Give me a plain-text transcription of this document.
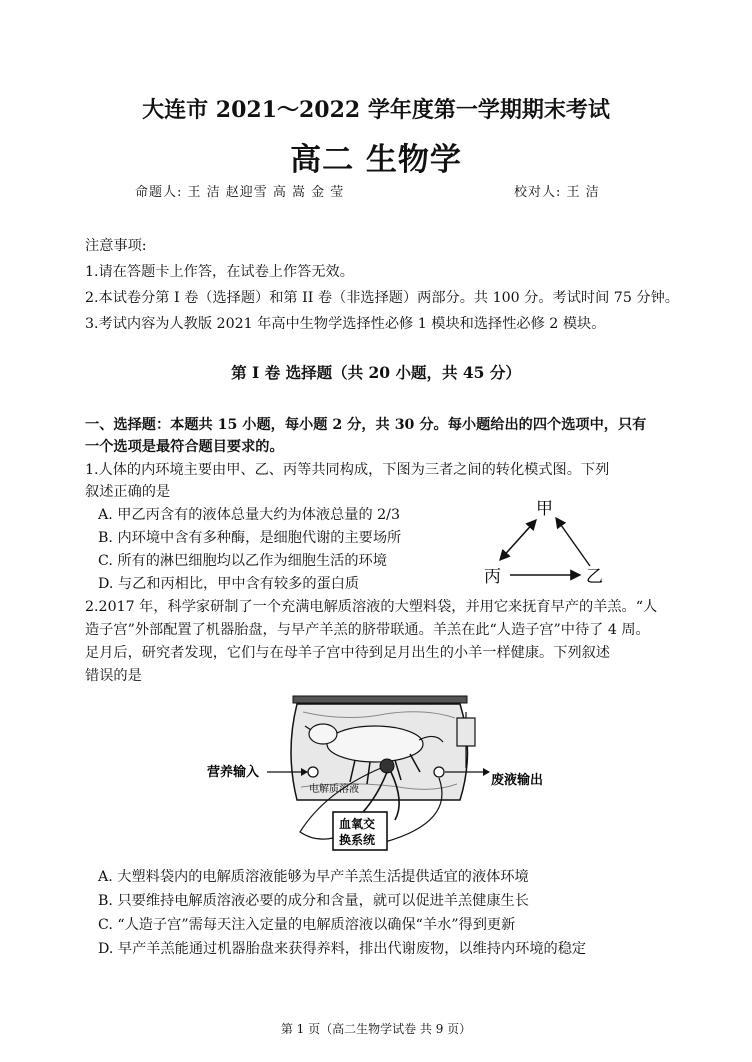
大连市 2021～2022 学年度第一学期期末考试
高二 生物学
命题人: 王 洁 赵迎雪 高 嵩 金 莹	校对人: 王 洁
注意事项:
1.请在答题卡上作答，在试卷上作答无效。
2.本试卷分第 I 卷（选择题）和第 II 卷（非选择题）两部分。共 100 分。考试时间 75 分钟。
3.考试内容为人教版 2021 年高中生物学选择性必修 1 模块和选择性必修 2 模块。
第 I 卷 选择题（共 20 小题，共 45 分）
一、选择题：本题共 15 小题，每小题 2 分，共 30 分。每小题给出的四个选项中，只有
一个选项是最符合题目要求的。
1.人体的内环境主要由甲、乙、丙等共同构成，下图为三者之间的转化模式图。下列
叙述正确的是
A. 甲乙丙含有的液体总量大约为体液总量的 2/3
B. 内环境中含有多种酶，是细胞代谢的主要场所
C. 所有的淋巴细胞均以乙作为细胞生活的环境
D. 与乙和丙相比，甲中含有较多的蛋白质
甲
丙	乙
2.2017 年，科学家研制了一个充满电解质溶液的大塑料袋，并用它来抚育早产的羊羔。“人
造子宫”外部配置了机器胎盘，与早产羊羔的脐带联通。羊羔在此“人造子宫”中待了 4 周。
足月后，研究者发现，它们与在母羊子宫中待到足月出生的小羊一样健康。下列叙述
错误的是
血氧交
换系统
营养输入
电解质溶液
废液输出
A. 大塑料袋内的电解质溶液能够为早产羊羔生活提供适宜的液体环境
B. 只要维持电解质溶液必要的成分和含量，就可以促进羊羔健康生长
C. “人造子宫”需每天注入定量的电解质溶液以确保“羊水”得到更新
D. 早产羊羔能通过机器胎盘来获得养料，排出代谢废物，以维持内环境的稳定
第 1 页（高二生物学试卷 共 9 页）
